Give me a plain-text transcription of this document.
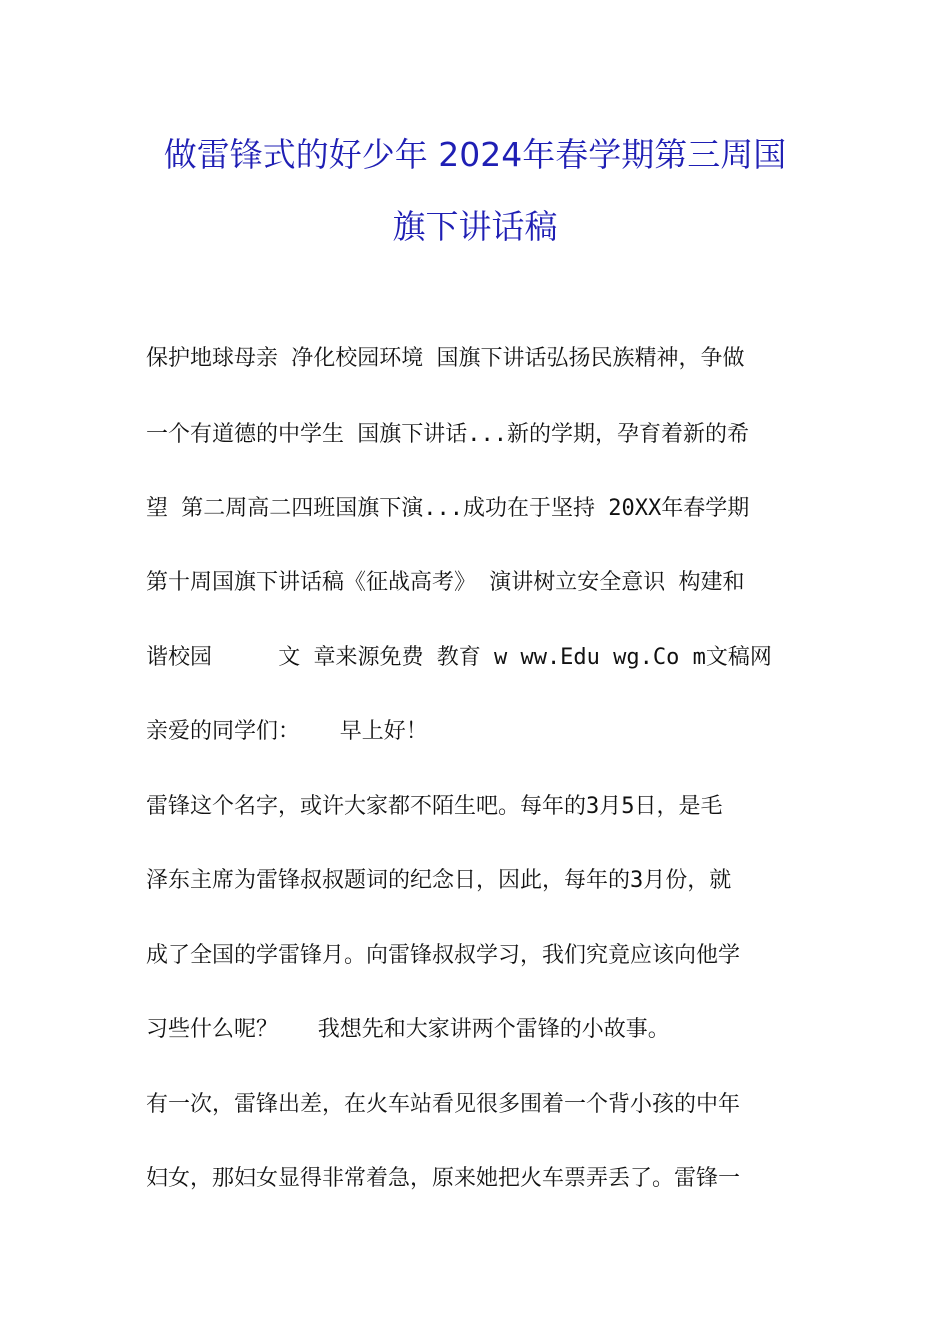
做雷锋式的好少年 2024年春学期第三周国
旗下讲话稿
保护地球母亲 净化校园环境 国旗下讲话弘扬民族精神，争做
一个有道德的中学生 国旗下讲话...新的学期，孕育着新的希
望 第二周高二四班国旗下演...成功在于坚持 20XX年春学期
第十周国旗下讲话稿《征战高考》 演讲树立安全意识 构建和
谐校园     文 章来源免费 教育 w ww.Edu wg.Co m文稿网
亲爱的同学们：   早上好！
雷锋这个名字，或许大家都不陌生吧。每年的3月5日，是毛
泽东主席为雷锋叔叔题词的纪念日，因此，每年的3月份，就
成了全国的学雷锋月。向雷锋叔叔学习，我们究竟应该向他学
习些什么呢？   我想先和大家讲两个雷锋的小故事。
有一次，雷锋出差，在火车站看见很多围着一个背小孩的中年
妇女，那妇女显得非常着急，原来她把火车票弄丢了。雷锋一
